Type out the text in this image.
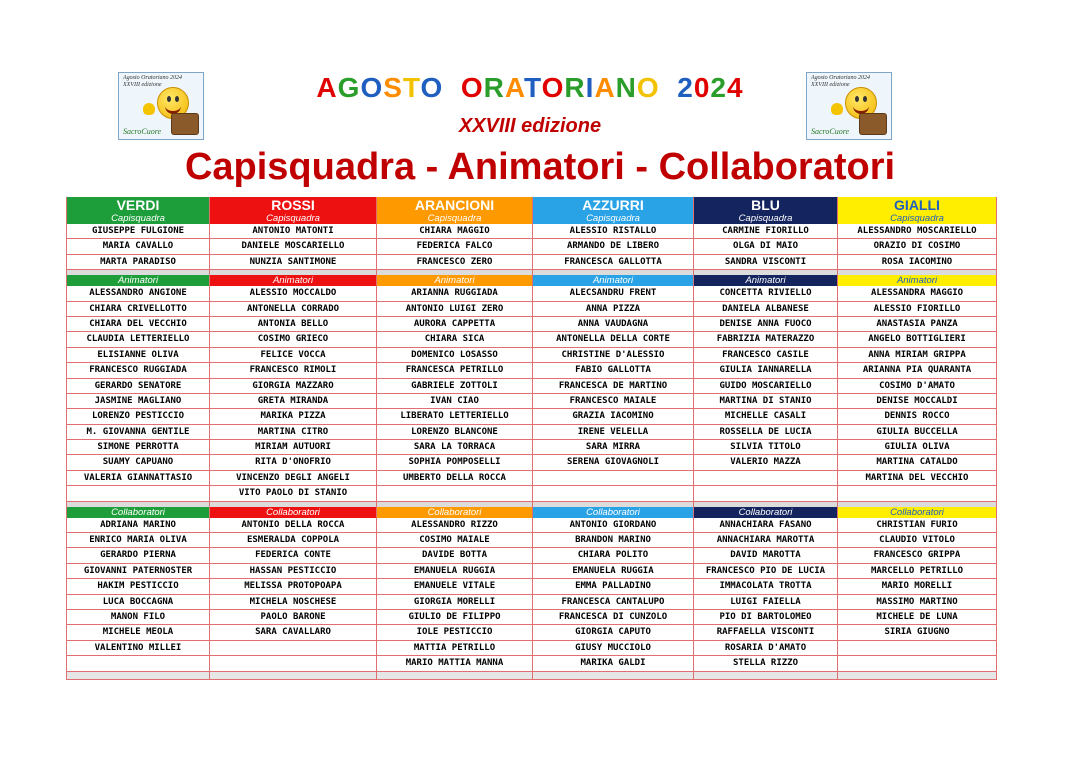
Agosto Oratoriano 2024
XXVIII edizione
SacroCuore
Agosto Oratoriano 2024
XXVIII edizione
SacroCuore
AGOSTO ORATORIANO 2024
XXVIII edizione
Capisquadra - Animatori - Collaboratori
VERDI
Capisquadra
GIUSEPPE FULGIONE
MARIA CAVALLO
MARTA PARADISO
Animatori
ALESSANDRO ANGIONE
CHIARA CRIVELLOTTO
CHIARA DEL VECCHIO
CLAUDIA LETTERIELLO
ELISIANNE OLIVA
FRANCESCO RUGGIADA
GERARDO SENATORE
JASMINE MAGLIANO
LORENZO PESTICCIO
M. GIOVANNA GENTILE
SIMONE PERROTTA
SUAMY CAPUANO
VALERIA GIANNATTASIO
Collaboratori
ADRIANA MARINO
ENRICO MARIA OLIVA
GERARDO PIERNA
GIOVANNI PATERNOSTER
HAKIM PESTICCIO
LUCA BOCCAGNA
MANON FILO
MICHELE MEOLA
VALENTINO MILLEI
ROSSI
Capisquadra
ANTONIO MATONTI
DANIELE MOSCARIELLO
NUNZIA SANTIMONE
Animatori
ALESSIO MOCCALDO
ANTONELLA CORRADO
ANTONIA BELLO
COSIMO GRIECO
FELICE VOCCA
FRANCESCO RIMOLI
GIORGIA MAZZARO
GRETA MIRANDA
MARIKA PIZZA
MARTINA CITRO
MIRIAM AUTUORI
RITA D'ONOFRIO
VINCENZO DEGLI ANGELI
VITO PAOLO DI STANIO
Collaboratori
ANTONIO DELLA ROCCA
ESMERALDA COPPOLA
FEDERICA CONTE
HASSAN PESTICCIO
MELISSA PROTOPOAPA
MICHELA NOSCHESE
PAOLO BARONE
SARA CAVALLARO
ARANCIONI
Capisquadra
CHIARA MAGGIO
FEDERICA FALCO
FRANCESCO ZERO
Animatori
ARIANNA RUGGIADA
ANTONIO LUIGI ZERO
AURORA CAPPETTA
CHIARA SICA
DOMENICO LOSASSO
FRANCESCA PETRILLO
GABRIELE ZOTTOLI
IVAN CIAO
LIBERATO LETTERIELLO
LORENZO BLANCONE
SARA LA TORRACA
SOPHIA POMPOSELLI
UMBERTO DELLA ROCCA
Collaboratori
ALESSANDRO RIZZO
COSIMO MAIALE
DAVIDE BOTTA
EMANUELA RUGGIA
EMANUELE VITALE
GIORGIA MORELLI
GIULIO DE FILIPPO
IOLE PESTICCIO
MATTIA PETRILLO
MARIO MATTIA MANNA
AZZURRI
Capisquadra
ALESSIO RISTALLO
ARMANDO DE LIBERO
FRANCESCA GALLOTTA
Animatori
ALECSANDRU FRENT
ANNA PIZZA
ANNA VAUDAGNA
ANTONELLA DELLA CORTE
CHRISTINE D'ALESSIO
FABIO GALLOTTA
FRANCESCA DE MARTINO
FRANCESCO MAIALE
GRAZIA IACOMINO
IRENE VELELLA
SARA MIRRA
SERENA GIOVAGNOLI
Collaboratori
ANTONIO GIORDANO
BRANDON MARINO
CHIARA POLITO
EMANUELA RUGGIA
EMMA PALLADINO
FRANCESCA CANTALUPO
FRANCESCA DI CUNZOLO
GIORGIA CAPUTO
GIUSY MUCCIOLO
MARIKA GALDI
BLU
Capisquadra
CARMINE FIORILLO
OLGA DI MAIO
SANDRA VISCONTI
Animatori
CONCETTA RIVIELLO
DANIELA ALBANESE
DENISE ANNA FUOCO
FABRIZIA MATERAZZO
FRANCESCO CASILE
GIULIA IANNARELLA
GUIDO MOSCARIELLO
MARTINA DI STANIO
MICHELLE CASALI
ROSSELLA DE LUCIA
SILVIA TITOLO
VALERIO MAZZA
Collaboratori
ANNACHIARA FASANO
ANNACHIARA MAROTTA
DAVID MAROTTA
FRANCESCO PIO DE LUCIA
IMMACOLATA TROTTA
LUIGI FAIELLA
PIO DI BARTOLOMEO
RAFFAELLA VISCONTI
ROSARIA D'AMATO
STELLA RIZZO
GIALLI
Capisquadra
ALESSANDRO MOSCARIELLO
ORAZIO DI COSIMO
ROSA IACOMINO
Animatori
ALESSANDRA MAGGIO
ALESSIO FIORILLO
ANASTASIA PANZA
ANGELO BOTTIGLIERI
ANNA MIRIAM GRIPPA
ARIANNA PIA QUARANTA
COSIMO D'AMATO
DENISE MOCCALDI
DENNIS ROCCO
GIULIA BUCCELLA
GIULIA OLIVA
MARTINA CATALDO
MARTINA DEL VECCHIO
Collaboratori
CHRISTIAN FURIO
CLAUDIO VITOLO
FRANCESCO GRIPPA
MARCELLO PETRILLO
MARIO MORELLI
MASSIMO MARTINO
MICHELE DE LUNA
SIRIA GIUGNO
